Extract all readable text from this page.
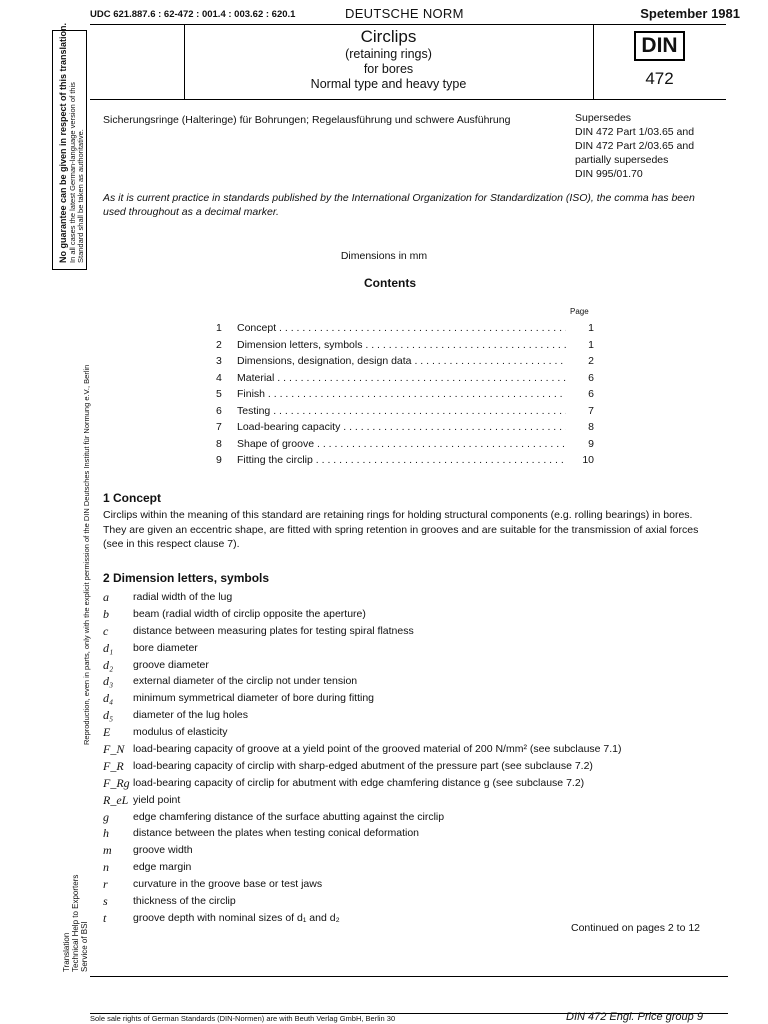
UDC 621.887.6 : 62-472 : 001.4 : 003.62 : 620.1	DEUTSCHE NORM	Spetember 1981
Circlips
(retaining rings)
for bores
Normal type and heavy type
DIN
472
No guarantee can be given in respect of this translation. In all cases the latest German-language version of this Standard shall be taken as authoritative.
Reproduction, even in parts, only with the explicit permission of the DIN Deutsches Institut für Normung e.V., Berlin
Translation Technical Help to Exporters Service of BSI
Sicherungsringe (Halteringe) für Bohrungen; Regelausführung und schwere Ausführung	Supersedes
DIN 472 Part 1/03.65 and
DIN 472 Part 2/03.65 and
partially supersedes
DIN 995/01.70
As it is current practice in standards published by the International Organization for Standardization (ISO), the comma has been used throughout as a decimal marker.
Dimensions in mm
Contents
Page
1	Concept . . .	1
2	Dimension letters, symbols . . .	1
3	Dimensions, designation, design data . . .	2
4	Material . . .	6
5	Finish . . .	6
6	Testing . . .	7
7	Load-bearing capacity . . .	8
8	Shape of groove . . .	9
9	Fitting the circlip . . .	10
1 Concept
Circlips within the meaning of this standard are retaining rings for holding structural components (e.g. rolling bearings) in bores. They are given an eccentric shape, are fitted with spring retention in grooves and are suitable for the transmission of axial forces (see in this respect clause 7).
2 Dimension letters, symbols
a	radial width of the lug
b	beam (radial width of circlip opposite the aperture)
c	distance between measuring plates for testing spiral flatness
d₁	bore diameter
d₂	groove diameter
d₃	external diameter of the circlip not under tension
d₄	minimum symmetrical diameter of bore during fitting
d₅	diameter of the lug holes
E	modulus of elasticity
F_N load-bearing capacity of groove at a yield point of the grooved material of 200 N/mm² (see subclause 7.1)
F_R load-bearing capacity of circlip with sharp-edged abutment of the pressure part (see subclause 7.2)
F_Rg load-bearing capacity of circlip for abutment with edge chamfering distance g (see subclause 7.2)
R_eL yield point
g	edge chamfering distance of the surface abutting against the circlip
h	distance between the plates when testing conical deformation
m	groove width
n	edge margin
r	curvature in the groove base or test jaws
s	thickness of the circlip
t	groove depth with nominal sizes of d₁ and d₂
Continued on pages 2 to 12
Sole sale rights of German Standards (DIN-Normen) are with Beuth Verlag GmbH, Berlin 30	DIN 472 Engl. Price group 9
